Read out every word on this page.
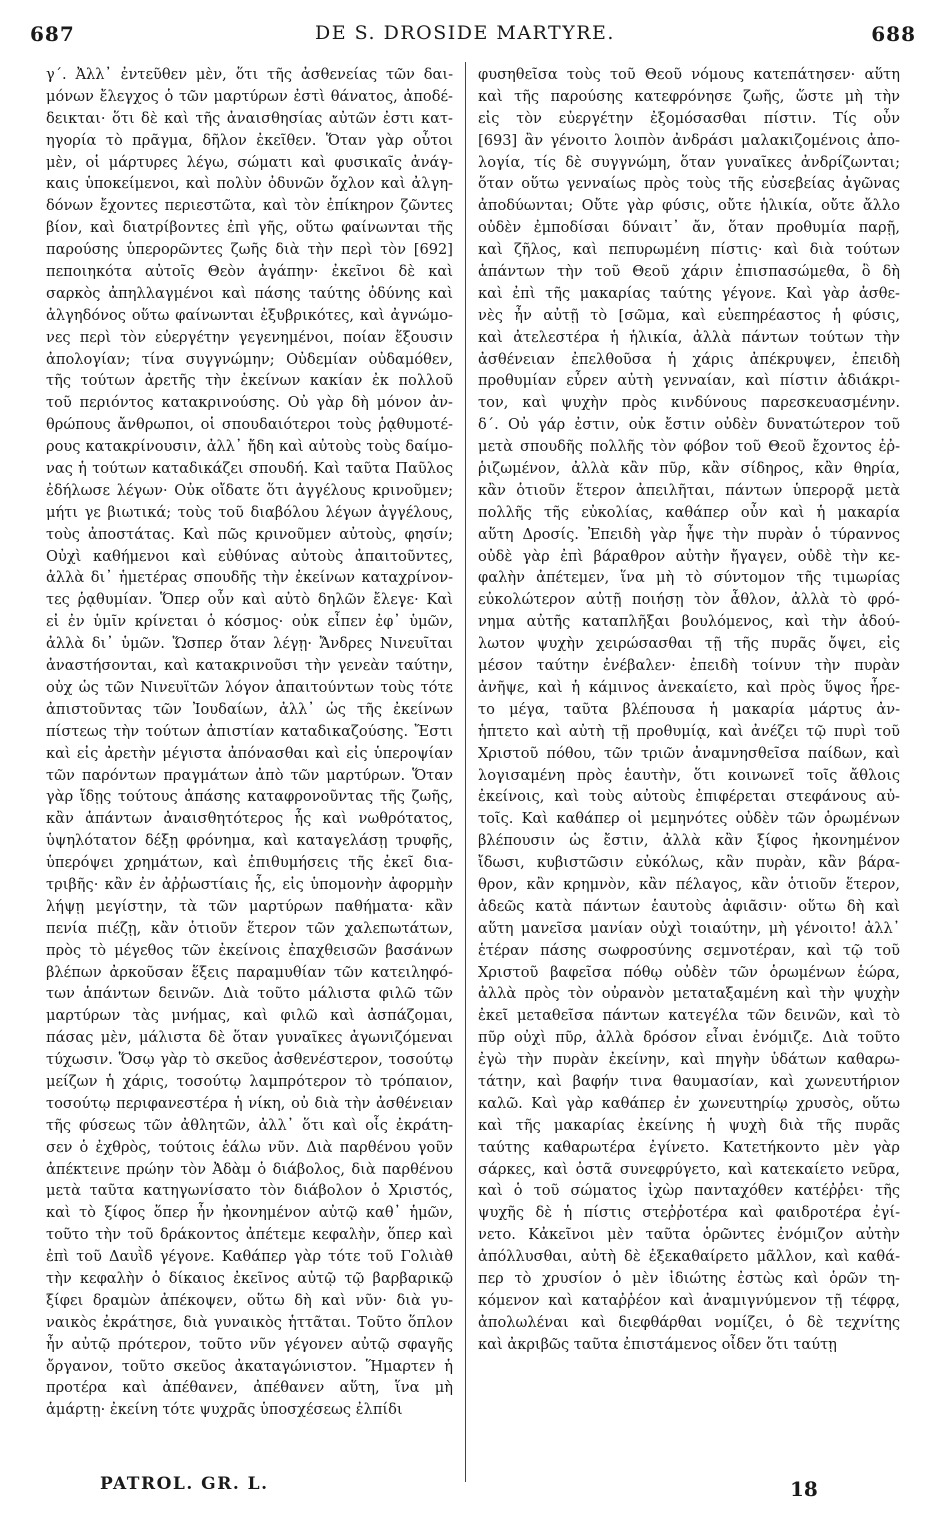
687	DE S. DROSIDE MARTYRE.	688
γ΄. Ἀλλ᾽ ἐντεῦθεν μὲν, ὅτι τῆς ἀσθενείας τῶν δαι-
μόνων ἔλεγχος ὁ τῶν μαρτύρων ἐστὶ θάνατος, ἀποδέ-
δεικται· ὅτι δὲ καὶ τῆς ἀναισθησίας αὐτῶν ἐστι κατ-
ηγορία τὸ πρᾶγμα, δῆλον ἐκεῖθεν. Ὅταν γὰρ οὗτοι
μὲν, οἱ μάρτυρες λέγω, σώματι καὶ φυσικαῖς ἀνάγ-
καις ὑποκείμενοι, καὶ πολὺν ὀδυνῶν ὄχλον καὶ ἀλγη-
δόνων ἔχοντες περιεστῶτα, καὶ τὸν ἐπίκηρον ζῶντες
βίον, καὶ διατρίβοντες ἐπὶ γῆς, οὕτω φαίνωνται τῆς
παρούσης ὑπερορῶντες ζωῆς διὰ τὴν περὶ τὸν [692]
πεποιηκότα αὐτοῖς Θεὸν ἀγάπην· ἐκεῖνοι δὲ καὶ
σαρκὸς ἀπηλλαγμένοι καὶ πάσης ταύτης ὀδύνης καὶ
ἀλγηδόνος οὕτω φαίνωνται ἐξυβρικότες, καὶ ἀγνώμο-
νες περὶ τὸν εὐεργέτην γεγενημένοι, ποίαν ἕξουσιν
ἀπολογίαν; τίνα συγγνώμην; Οὐδεμίαν οὐδαμόθεν,
τῆς τούτων ἀρετῆς τὴν ἐκείνων κακίαν ἐκ πολλοῦ
τοῦ περιόντος κατακρινούσης. Οὐ γὰρ δὴ μόνον ἀν-
θρώπους ἄνθρωποι, οἱ σπουδαιότεροι τοὺς ῥᾳθυμοτέ-
ρους κατακρίνουσιν, ἀλλ᾽ ἤδη καὶ αὐτοὺς τοὺς δαίμο-
νας ἡ τούτων καταδικάζει σπουδή. Καὶ ταῦτα Παῦλος
ἐδήλωσε λέγων· Οὐκ οἴδατε ὅτι ἀγγέλους κρινοῦμεν;
μήτι γε βιωτικά; τοὺς τοῦ διαβόλου λέγων ἀγγέλους,
τοὺς ἀποστάτας. Καὶ πῶς κρινοῦμεν αὐτοὺς, φησίν;
Οὐχὶ καθήμενοι καὶ εὐθύνας αὐτοὺς ἀπαιτοῦντες,
ἀλλὰ δι᾽ ἡμετέρας σπουδῆς τὴν ἐκείνων καταχρίνον-
τες ῥᾳθυμίαν. Ὅπερ οὖν καὶ αὐτὸ δηλῶν ἔλεγε· Καὶ
εἰ ἐν ὑμῖν κρίνεται ὁ κόσμος· οὐκ εἶπεν ἐφ᾽ ὑμῶν,
ἀλλὰ δι᾽ ὑμῶν. Ὥσπερ ὅταν λέγῃ· Ἄνδρες Νινευῖται
ἀναστήσονται, καὶ κατακρινοῦσι τὴν γενεὰν ταύτην,
οὐχ ὡς τῶν Νινευϊτῶν λόγον ἀπαιτούντων τοὺς τότε
ἀπιστοῦντας τῶν Ἰουδαίων, ἀλλ᾽ ὡς τῆς ἐκείνων
πίστεως τὴν τούτων ἀπιστίαν καταδικαζούσης. Ἔστι
καὶ εἰς ἀρετὴν μέγιστα ἀπόνασθαι καὶ εἰς ὑπεροψίαν
τῶν παρόντων πραγμάτων ἀπὸ τῶν μαρτύρων. Ὅταν
γὰρ ἴδῃς τούτους ἁπάσης καταφρονοῦντας τῆς ζωῆς,
κἂν ἁπάντων ἀναισθητότερος ἧς καὶ νωθρότατος,
ὑψηλότατον δέξῃ φρόνημα, καὶ καταγελάσῃ τρυφῆς,
ὑπερόψει χρημάτων, καὶ ἐπιθυμήσεις τῆς ἐκεῖ δια-
τριβῆς· κἂν ἐν ἀῤῥωστίαις ἧς, εἰς ὑπομονὴν ἀφορμὴν
λήψῃ μεγίστην, τὰ τῶν μαρτύρων παθήματα· κἂν
πενία πιέζῃ, κἂν ὁτιοῦν ἕτερον τῶν χαλεπωτάτων,
πρὸς τὸ μέγεθος τῶν ἐκείνοις ἐπαχθεισῶν βασάνων
βλέπων ἀρκοῦσαν ἕξεις παραμυθίαν τῶν κατειληφό-
των ἁπάντων δεινῶν. Διὰ τοῦτο μάλιστα φιλῶ τῶν
μαρτύρων τὰς μνήμας, καὶ φιλῶ καὶ ἀσπάζομαι,
πάσας μὲν, μάλιστα δὲ ὅταν γυναῖκες ἀγωνιζόμεναι
τύχωσιν. Ὅσῳ γὰρ τὸ σκεῦος ἀσθενέστερον, τοσούτῳ
μείζων ἡ χάρις, τοσούτῳ λαμπρότερον τὸ τρόπαιον,
τοσούτῳ περιφανεστέρα ἡ νίκη, οὐ διὰ τὴν ἀσθένειαν
τῆς φύσεως τῶν ἀθλητῶν, ἀλλ᾽ ὅτι καὶ οἷς ἐκράτη-
σεν ὁ ἐχθρὸς, τούτοις ἑάλω νῦν. Διὰ παρθένου γοῦν
ἀπέκτεινε πρώην τὸν Ἀδὰμ ὁ διάβολος, διὰ παρθένου
μετὰ ταῦτα κατηγωνίσατο τὸν διάβολον ὁ Χριστός,
καὶ τὸ ξίφος ὅπερ ἦν ἠκονημένον αὐτῷ καθ᾽ ἡμῶν,
τοῦτο τὴν τοῦ δράκοντος ἀπέτεμε κεφαλὴν, ὅπερ καὶ
ἐπὶ τοῦ Δαυῒδ γέγονε. Καθάπερ γὰρ τότε τοῦ Γολιὰθ
τὴν κεφαλὴν ὁ δίκαιος ἐκεῖνος αὐτῷ τῷ βαρβαρικῷ
ξίφει δραμὼν ἀπέκοψεν, οὕτω δὴ καὶ νῦν· διὰ γυ-
ναικὸς ἐκράτησε, διὰ γυναικὸς ἡττᾶται. Τοῦτο ὅπλον
ἦν αὐτῷ πρότερον, τοῦτο νῦν γέγονεν αὐτῷ σφαγῆς
ὄργανον, τοῦτο σκεῦος ἀκαταγώνιστον. Ἥμαρτεν ἡ
προτέρα καὶ ἀπέθανεν, ἀπέθανεν αὕτη, ἵνα μὴ
ἁμάρτῃ· ἐκείνη τότε ψυχρᾶς ὑποσχέσεως ἐλπίδι
φυσηθεῖσα τοὺς τοῦ Θεοῦ νόμους κατεπάτησεν· αὕτη
καὶ τῆς παρούσης κατεφρόνησε ζωῆς, ὥστε μὴ τὴν
εἰς τὸν εὐεργέτην ἐξομόσασθαι πίστιν. Τίς οὖν
[693] ἂν γένοιτο λοιπὸν ἀνδράσι μαλακιζομένοις ἀπο-
λογία, τίς δὲ συγγνώμη, ὅταν γυναῖκες ἀνδρίζωνται;
ὅταν οὕτω γενναίως πρὸς τοὺς τῆς εὐσεβείας ἀγῶνας
ἀποδύωνται; Οὔτε γὰρ φύσις, οὔτε ἡλικία, οὔτε ἄλλο
οὐδὲν ἐμποδίσαι δύναιτ᾽ ἄν, ὅταν προθυμία παρῇ,
καὶ ζῆλος, καὶ πεπυρωμένη πίστις· καὶ διὰ τούτων
ἁπάντων τὴν τοῦ Θεοῦ χάριν ἐπισπασώμεθα, ὃ δὴ
καὶ ἐπὶ τῆς μακαρίας ταύτης γέγονε. Καὶ γὰρ ἀσθε-
νὲς ἦν αὐτῇ τὸ [σῶμα, καὶ εὐεπηρέαστος ἡ φύσις,
καὶ ἀτελεστέρα ἡ ἡλικία, ἀλλὰ πάντων τούτων τὴν
ἀσθένειαν ἐπελθοῦσα ἡ χάρις ἀπέκρυψεν, ἐπειδὴ
προθυμίαν εὗρεν αὐτὴ γενναίαν, καὶ πίστιν ἀδιάκρι-
τον, καὶ ψυχὴν πρὸς κινδύνους παρεσκευασμένην.
δ΄. Οὐ γάρ ἐστιν, οὐκ ἔστιν οὐδὲν δυνατώτερον τοῦ
μετὰ σπουδῆς πολλῆς τὸν φόβον τοῦ Θεοῦ ἔχοντος ἐῤ-
ῥιζωμένον, ἀλλὰ κἂν πῦρ, κἂν σίδηρος, κἂν θηρία,
κἂν ὁτιοῦν ἕτερον ἀπειλῆται, πάντων ὑπερορᾷ μετὰ
πολλῆς τῆς εὐκολίας, καθάπερ οὖν καὶ ἡ μακαρία
αὕτη Δροσίς. Ἐπειδὴ γὰρ ἧψε τὴν πυρὰν ὁ τύραννος
οὐδὲ γὰρ ἐπὶ βάραθρον αὐτὴν ἤγαγεν, οὐδὲ τὴν κε-
φαλὴν ἀπέτεμεν, ἵνα μὴ τὸ σύντομον τῆς τιμωρίας
εὐκολώτερον αὐτῇ ποιήσῃ τὸν ἆθλον, ἀλλὰ τὸ φρό-
νημα αὐτῆς καταπλῆξαι βουλόμενος, καὶ τὴν ἀδού-
λωτον ψυχὴν χειρώσασθαι τῇ τῆς πυρᾶς ὄψει, εἰς
μέσον ταύτην ἐνέβαλεν· ἐπειδὴ τοίνυν τὴν πυρὰν
ἀνῆψε, καὶ ἡ κάμινος ἀνεκαίετο, καὶ πρὸς ὕψος ἦρε-
το μέγα, ταῦτα βλέπουσα ἡ μακαρία μάρτυς ἀν-
ἡπτετο καὶ αὐτὴ τῇ προθυμίᾳ, καὶ ἀνέζει τῷ πυρὶ τοῦ
Χριστοῦ πόθου, τῶν τριῶν ἀναμνησθεῖσα παίδων, καὶ
λογισαμένη πρὸς ἑαυτὴν, ὅτι κοινωνεῖ τοῖς ἄθλοις
ἐκείνοις, καὶ τοὺς αὐτοὺς ἐπιφέρεται στεφάνους αὐ-
τοῖς. Καὶ καθάπερ οἱ μεμηνότες οὐδὲν τῶν ὁρωμένων
βλέπουσιν ὡς ἔστιν, ἀλλὰ κἂν ξίφος ἠκονημένον
ἴδωσι, κυβιστῶσιν εὐκόλως, κἂν πυρὰν, κἂν βάρα-
θρον, κἂν κρημνὸν, κἂν πέλαγος, κἂν ὁτιοῦν ἕτερον,
ἀδεῶς κατὰ πάντων ἑαυτοὺς ἀφιᾶσιν· οὕτω δὴ καὶ
αὕτη μανεῖσα μανίαν οὐχὶ τοιαύτην, μὴ γένοιτο! ἀλλ᾽
ἑτέραν πάσης σωφροσύνης σεμνοτέραν, καὶ τῷ τοῦ
Χριστοῦ βαφεῖσα πόθῳ οὐδὲν τῶν ὁρωμένων ἑώρα,
ἀλλὰ πρὸς τὸν οὐρανὸν μεταταξαμένη καὶ τὴν ψυχὴν
ἐκεῖ μεταθεῖσα πάντων κατεγέλα τῶν δεινῶν, καὶ τὸ
πῦρ οὐχὶ πῦρ, ἀλλὰ δρόσον εἶναι ἐνόμιζε. Διὰ τοῦτο
ἐγὼ τὴν πυρὰν ἐκείνην, καὶ πηγὴν ὑδάτων καθαρω-
τάτην, καὶ βαφήν τινα θαυμασίαν, καὶ χωνευτήριον
καλῶ. Καὶ γὰρ καθάπερ ἐν χωνευτηρίῳ χρυσὸς, οὕτω
καὶ τῆς μακαρίας ἐκείνης ἡ ψυχὴ διὰ τῆς πυρᾶς
ταύτης καθαρωτέρα ἐγίνετο. Κατετήκοντο μὲν γὰρ
σάρκες, καὶ ὀστᾶ συνεφρύγετο, καὶ κατεκαίετο νεῦρα,
καὶ ὁ τοῦ σώματος ἰχὼρ πανταχόθεν κατέῤῥει· τῆς
ψυχῆς δὲ ἡ πίστις στεῤῥοτέρα καὶ φαιδροτέρα ἐγί-
νετο. Κἀκεῖνοι μὲν ταῦτα ὁρῶντες ἐνόμιζον αὐτὴν
ἀπόλλυσθαι, αὐτὴ δὲ ἐξεκαθαίρετο μᾶλλον, καὶ καθά-
περ τὸ χρυσίον ὁ μὲν ἰδιώτης ἐστὼς καὶ ὁρῶν τη-
κόμενον καὶ καταῤῥέον καὶ ἀναμιγνύμενον τῇ τέφρᾳ,
ἀπολωλέναι καὶ διεφθάρθαι νομίζει, ὁ δὲ τεχνίτης
καὶ ἀκριβῶς ταῦτα ἐπιστάμενος οἶδεν ὅτι ταύτῃ
PATROL. GR. L.	18
